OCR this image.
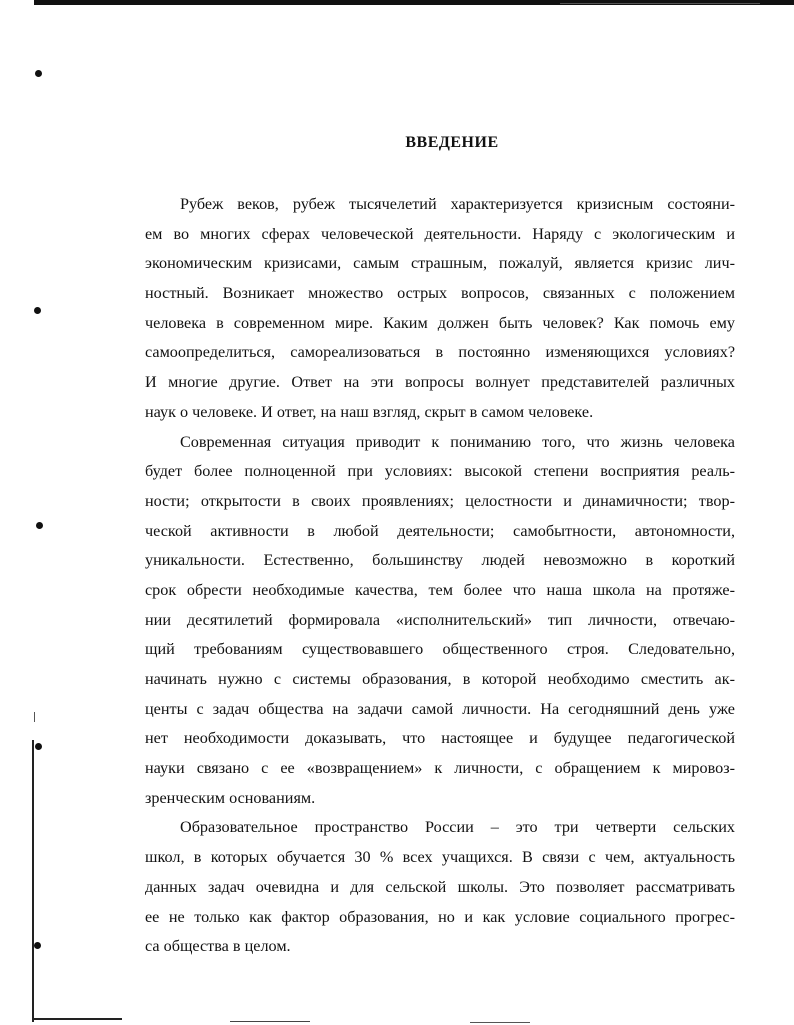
ВВЕДЕНИЕ
Рубеж веков, рубеж тысячелетий характеризуется кризисным состояни-
ем во многих сферах человеческой деятельности. Наряду с экологическим и
экономическим кризисами, самым страшным, пожалуй, является кризис лич-
ностный. Возникает множество острых вопросов, связанных с положением
человека в современном мире. Каким должен быть человек? Как помочь ему
самоопределиться, самореализоваться в постоянно изменяющихся условиях?
И многие другие. Ответ на эти вопросы волнует представителей различных
наук о человеке. И ответ, на наш взгляд, скрыт в самом человеке.
Современная ситуация приводит к пониманию того, что жизнь человека
будет более полноценной при условиях: высокой степени восприятия реаль-
ности; открытости в своих проявлениях; целостности и динамичности; твор-
ческой активности в любой деятельности; самобытности, автономности,
уникальности. Естественно, большинству людей невозможно в короткий
срок обрести необходимые качества, тем более что наша школа на протяже-
нии десятилетий формировала «исполнительский» тип личности, отвечаю-
щий требованиям существовавшего общественного строя. Следовательно,
начинать нужно с системы образования, в которой необходимо сместить ак-
центы с задач общества на задачи самой личности. На сегодняшний день уже
нет необходимости доказывать, что настоящее и будущее педагогической
науки связано с ее «возвращением» к личности, с обращением к мировоз-
зренческим основаниям.
Образовательное пространство России – это три четверти сельских
школ, в которых обучается 30 % всех учащихся. В связи с чем, актуальность
данных задач очевидна и для сельской школы. Это позволяет рассматривать
ее не только как фактор образования, но и как условие социального прогрес-
са общества в целом.
